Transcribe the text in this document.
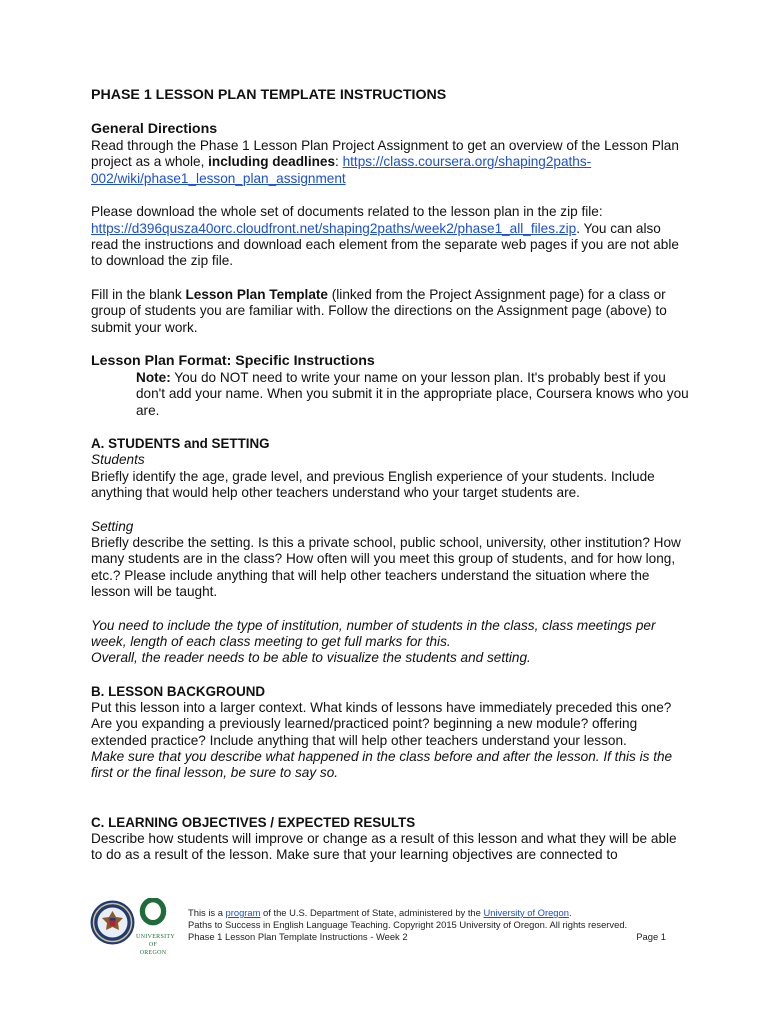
PHASE 1 LESSON PLAN TEMPLATE INSTRUCTIONS
General Directions

Read through the Phase 1 Lesson Plan Project Assignment to get an overview of the Lesson Plan project as a whole, including deadlines: https://class.coursera.org/shaping2paths-002/wiki/phase1_lesson_plan_assignment

Please download the whole set of documents related to the lesson plan in the zip file: https://d396qusza40orc.cloudfront.net/shaping2paths/week2/phase1_all_files.zip. You can also read the instructions and download each element from the separate web pages if you are not able to download the zip file.

Fill in the blank Lesson Plan Template (linked from the Project Assignment page) for a class or group of students you are familiar with. Follow the directions on the Assignment page (above) to submit your work.

Lesson Plan Format: Specific Instructions

Note: You do NOT need to write your name on your lesson plan. It's probably best if you don't add your name. When you submit it in the appropriate place, Coursera knows who you are.

A. STUDENTS and SETTING

Students

Briefly identify the age, grade level, and previous English experience of your students. Include anything that would help other teachers understand who your target students are.

Setting

Briefly describe the setting. Is this a private school, public school, university, other institution? How many students are in the class? How often will you meet this group of students, and for how long, etc.? Please include anything that will help other teachers understand the situation where the lesson will be taught.

You need to include the type of institution, number of students in the class, class meetings per week, length of each class meeting to get full marks for this.

Overall, the reader needs to be able to visualize the students and setting.

B. LESSON BACKGROUND

Put this lesson into a larger context. What kinds of lessons have immediately preceded this one? Are you expanding a previously learned/practiced point? beginning a new module? offering extended practice? Include anything that will help other teachers understand your lesson.

Make sure that you describe what happened in the class before and after the lesson. If this is the first or the final lesson, be sure to say so.

C. LEARNING OBJECTIVES / EXPECTED RESULTS

Describe how students will improve or change as a result of this lesson and what they will be able to do as a result of the lesson. Make sure that your learning objectives are connected to

UNIVERSITY
OF OREGON
This is a program of the U.S. Department of State, administered by the University of Oregon.
Paths to Success in English Language Teaching. Copyright 2015 University of Oregon. All rights reserved.
Phase 1 Lesson Plan Template Instructions - Week 2	Page 1
